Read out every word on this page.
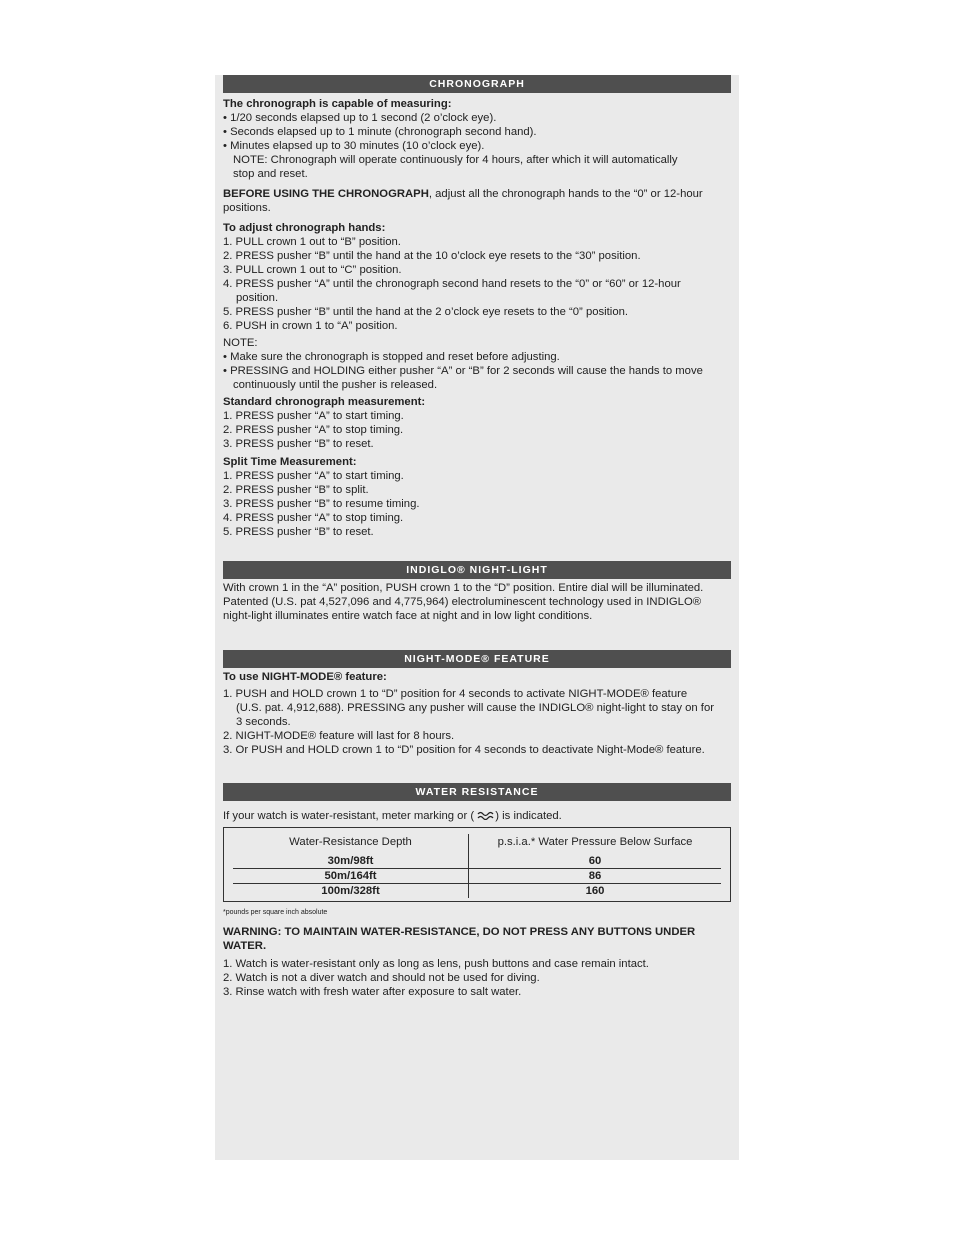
CHRONOGRAPH

The chronograph is capable of measuring:

• 1/20 seconds elapsed up to 1 second (2 o’clock eye).

• Seconds elapsed up to 1 minute (chronograph second hand).

• Minutes elapsed up to 30 minutes (10 o’clock eye).

NOTE: Chronograph will operate continuously for 4 hours, after which it will automatically

stop and reset.

BEFORE USING THE CHRONOGRAPH, adjust all the chronograph hands to the “0” or 12-hour

positions.

To adjust chronograph hands:

1. PULL crown 1 out to “B” position.

2. PRESS pusher “B” until the hand at the 10 o’clock eye resets to the “30” position.

3. PULL crown 1 out to “C” position.

4. PRESS pusher “A” until the chronograph second hand resets to the “0” or “60” or 12-hour

position.

5. PRESS pusher “B” until the hand at the 2 o’clock eye resets to the “0” position.

6. PUSH in crown 1 to “A” position.

NOTE:

• Make sure the chronograph is stopped and reset before adjusting.

• PRESSING and HOLDING either pusher “A” or “B” for 2 seconds will cause the hands to move

continuously until the pusher is released.

Standard chronograph measurement:

1. PRESS pusher “A” to start timing.

2. PRESS pusher “A” to stop timing.

3. PRESS pusher “B” to reset.

Split Time Measurement:

1. PRESS pusher “A” to start timing.

2. PRESS pusher “B” to split.

3. PRESS pusher “B” to resume timing.

4. PRESS pusher “A” to stop timing.

5. PRESS pusher “B” to reset.

INDIGLO® NIGHT-LIGHT

With crown 1 in the “A” position, PUSH crown 1 to the “D” position. Entire dial will be illuminated.

Patented (U.S. pat 4,527,096 and 4,775,964) electroluminescent technology used in INDIGLO®

night-light illuminates entire watch face at night and in low light conditions.

NIGHT-MODE® FEATURE

To use NIGHT-MODE® feature:

1. PUSH and HOLD crown 1 to “D” position for 4 seconds to activate NIGHT-MODE® feature

(U.S. pat. 4,912,688). PRESSING any pusher will cause the INDIGLO® night-light to stay on for

3 seconds.

2. NIGHT-MODE® feature will last for 8 hours.

3. Or PUSH and HOLD crown 1 to “D” position for 4 seconds to deactivate Night-Mode® feature.

WATER RESISTANCE

If your watch is water-resistant, meter marking or ( ) is indicated.

Water-Resistance Depth	p.s.i.a.* Water Pressure Below Surface
30m/98ft	60
50m/164ft	86
100m/328ft	160

*pounds per square inch absolute

WARNING: TO MAINTAIN WATER-RESISTANCE, DO NOT PRESS ANY BUTTONS UNDER WATER.

1. Watch is water-resistant only as long as lens, push buttons and case remain intact.

2. Watch is not a diver watch and should not be used for diving.

3. Rinse watch with fresh water after exposure to salt water.
